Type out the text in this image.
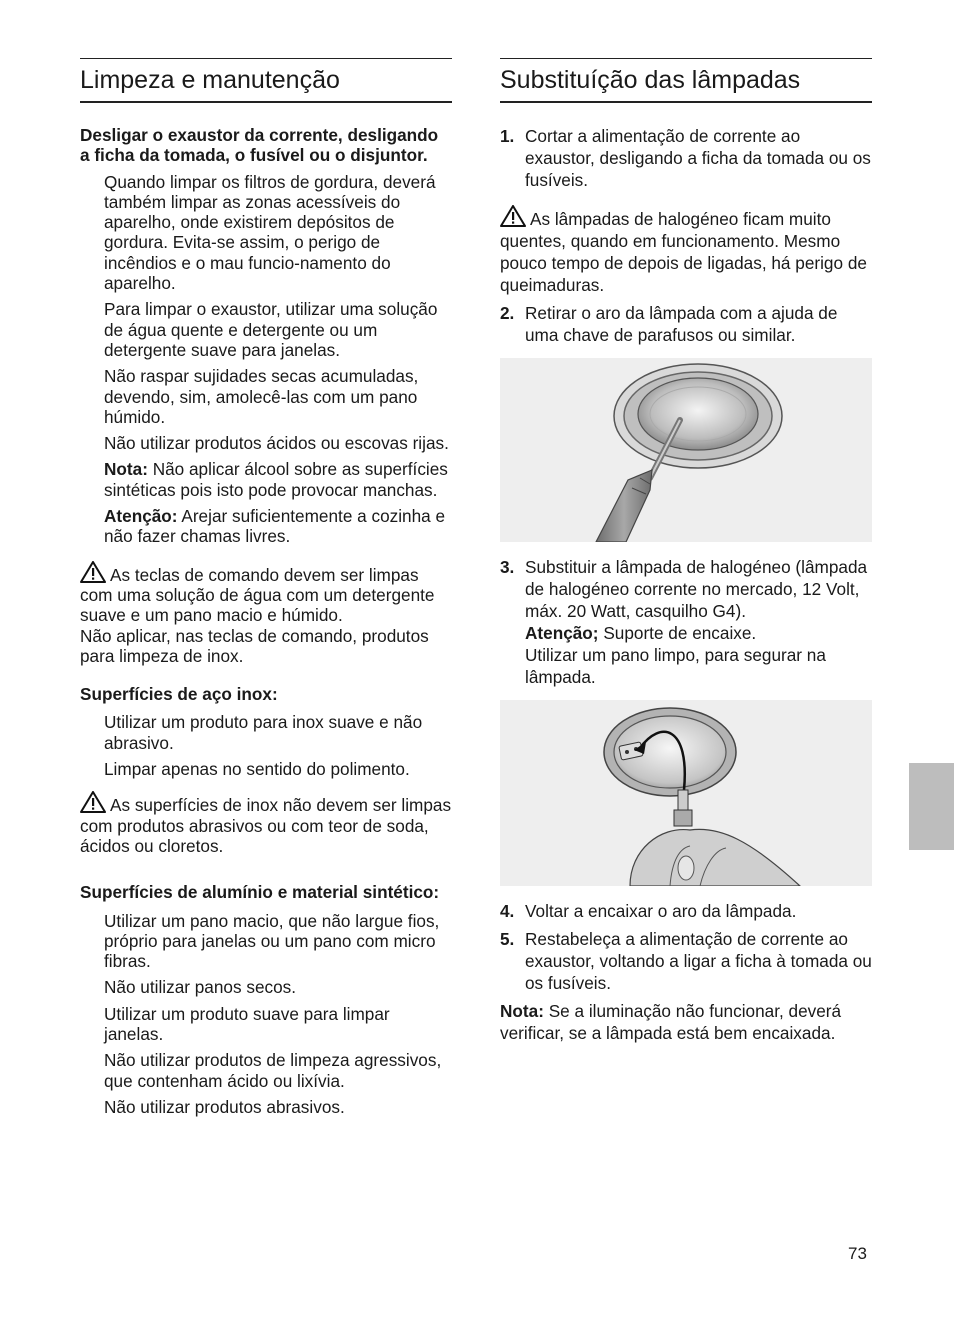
Limpeza e manutenção

Desligar o exaustor da corrente, desligando a ficha da tomada, o fusível ou o disjuntor.

Quando limpar os filtros de gordura, deverá também limpar as zonas acessíveis do aparelho, onde existirem depósitos de gordura. Evita-se assim, o perigo de incêndios e o mau funcio-namento do aparelho.

Para limpar o exaustor, utilizar uma solução de água quente e detergente ou um detergente suave para janelas.

Não raspar sujidades secas acumuladas, devendo, sim, amolecê-las com um pano húmido.

Não utilizar produtos ácidos ou escovas rijas.

Nota: Não aplicar álcool sobre as superfícies sintéticas pois isto pode provocar manchas.

Atenção: Arejar suficientemente a cozinha e não fazer chamas livres.

As teclas de comando devem ser limpas com uma solução de água com um detergente suave e um pano macio e húmido.

Não aplicar, nas teclas de comando, produtos para limpeza de inox.

Superfícies de aço inox:

Utilizar um produto para inox suave e não abrasivo.

Limpar apenas no sentido do polimento.

As superfícies de inox não devem ser limpas com produtos abrasivos ou com teor de soda, ácidos ou cloretos.

Superfícies de alumínio e material sintético:

Utilizar um pano macio, que não largue fios, próprio para janelas ou um pano com micro fibras.

Não utilizar panos secos.

Utilizar um produto suave para limpar janelas.

Não utilizar produtos de limpeza agressivos, que contenham ácido ou lixívia.

Não utilizar produtos abrasivos.

Substituíção das lâmpadas
1. Cortar a alimentação de corrente ao exaustor, desligando a ficha da tomada ou os fusíveis.

As lâmpadas de halogéneo ficam muito quentes, quando em funcionamento. Mesmo pouco tempo de depois de ligadas, há perigo de queimaduras.

2. Retirar o aro da lâmpada com a ajuda de uma chave de parafusos ou similar.
3. Substituir a lâmpada de halogéneo (lâmpada de halogéneo corrente no mercado, 12 Volt, máx. 20 Watt, casquilho G4).
Atenção; Suporte de encaixe.
Utilizar um pano limpo, para segurar na lâmpada.
4. Voltar a encaixar o aro da lâmpada.
5. Restabeleça a alimentação de corrente ao exaustor, voltando a ligar a ficha à tomada ou os fusíveis.

Nota: Se a iluminação não funcionar, deverá verificar, se a lâmpada está bem encaixada.

73
